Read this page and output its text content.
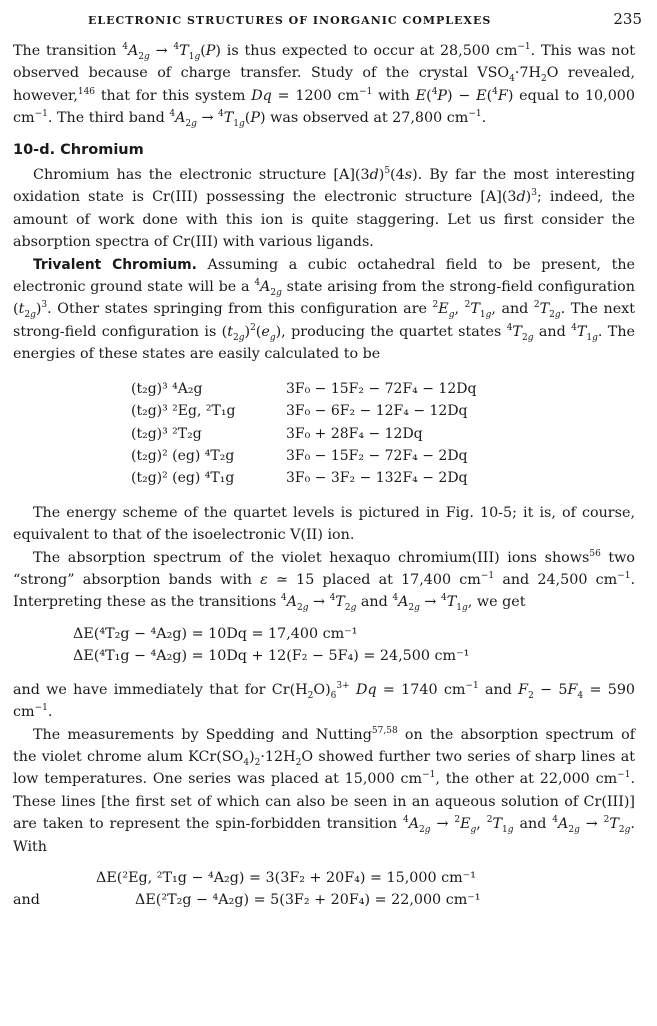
ELECTRONIC STRUCTURES OF INORGANIC COMPLEXES	235

The transition $^4A_{2g} \to ^4T_{1g}(P)$ is thus expected to occur at 28,500 $cm^{-1}$. This was not observed because of charge transfer. Study of the crystal $VSO_4\cdot 7H_2O$ revealed, however,$^{146}$ that for this system Dq = 1200 $cm^{-1}$ with E($^4$P) − E($^4$F) equal to 10,000 $cm^{-1}$. The third band $^4A_{2g} \to ^4T_{1g}(P)$ was observed at 27,800 $cm^{-1}$.

10-d. Chromium

Chromium has the electronic structure $[A](3d)^5(4s)$. By far the most interesting oxidation state is Cr(III) possessing the electronic structure $[A](3d)^3$; indeed, the amount of work done with this ion is quite staggering. Let us first consider the absorption spectra of Cr(III) with various ligands.

Trivalent Chromium. Assuming a cubic octahedral field to be present, the electronic ground state will be a $^4A_{2g}$ state arising from the strong-field configuration $(t_{2g})^3$. Other states springing from this configuration are $^2E_g$, $^2T_{1g}$, and $^2T_{2g}$. The next strong-field configuration is $(t_{2g})^2(e_g)$, producing the quartet states $^4T_{2g}$ and $^4T_{1g}$. The energies of these states are easily calculated to be

(t₂g)³ ⁴A₂g	3F₀ − 15F₂ − 72F₄ − 12Dq
(t₂g)³ ²Eg, ²T₁g	3F₀ − 6F₂ − 12F₄ − 12Dq
(t₂g)³ ²T₂g	3F₀ + 28F₄ − 12Dq
(t₂g)² (eg) ⁴T₂g	3F₀ − 15F₂ − 72F₄ − 2Dq
(t₂g)² (eg) ⁴T₁g	3F₀ − 3F₂ − 132F₄ − 2Dq

The energy scheme of the quartet levels is pictured in Fig. 10-5; it is, of course, equivalent to that of the isoelectronic V(II) ion.

The absorption spectrum of the violet hexaquo chromium(III) ions shows$^{56}$ two “strong” absorption bands with ε ≃ 15 placed at 17,400 $cm^{-1}$ and 24,500 $cm^{-1}$. Interpreting these as the transitions $^4A_{2g} \to ^4T_{2g}$ and $^4A_{2g} \to ^4T_{1g}$, we get

ΔE(⁴T₂g − ⁴A₂g) = 10Dq = 17,400 cm⁻¹
ΔE(⁴T₁g − ⁴A₂g) = 10Dq + 12(F₂ − 5F₄) = 24,500 cm⁻¹

and we have immediately that for $Cr(H_2O)_6^{3+}$ Dq = 1740 $cm^{-1}$ and $F_2 - 5F_4 = 590$ $cm^{-1}$.

The measurements by Spedding and Nutting$^{57,58}$ on the absorption spectrum of the violet chrome alum $KCr(SO_4)_2\cdot 12H_2O$ showed further two series of sharp lines at low temperatures. One series was placed at 15,000 $cm^{-1}$, the other at 22,000 $cm^{-1}$. These lines [the first set of which can also be seen in an aqueous solution of Cr(III)] are taken to represent the spin-forbidden transition $^4A_{2g} \to ^2E_g$, $^2T_{1g}$ and $^4A_{2g} \to ^2T_{2g}$. With

ΔE(²Eg, ²T₁g − ⁴A₂g) = 3(3F₂ + 20F₄) = 15,000 cm⁻¹
and	ΔE(²T₂g − ⁴A₂g) = 5(3F₂ + 20F₄) = 22,000 cm⁻¹
